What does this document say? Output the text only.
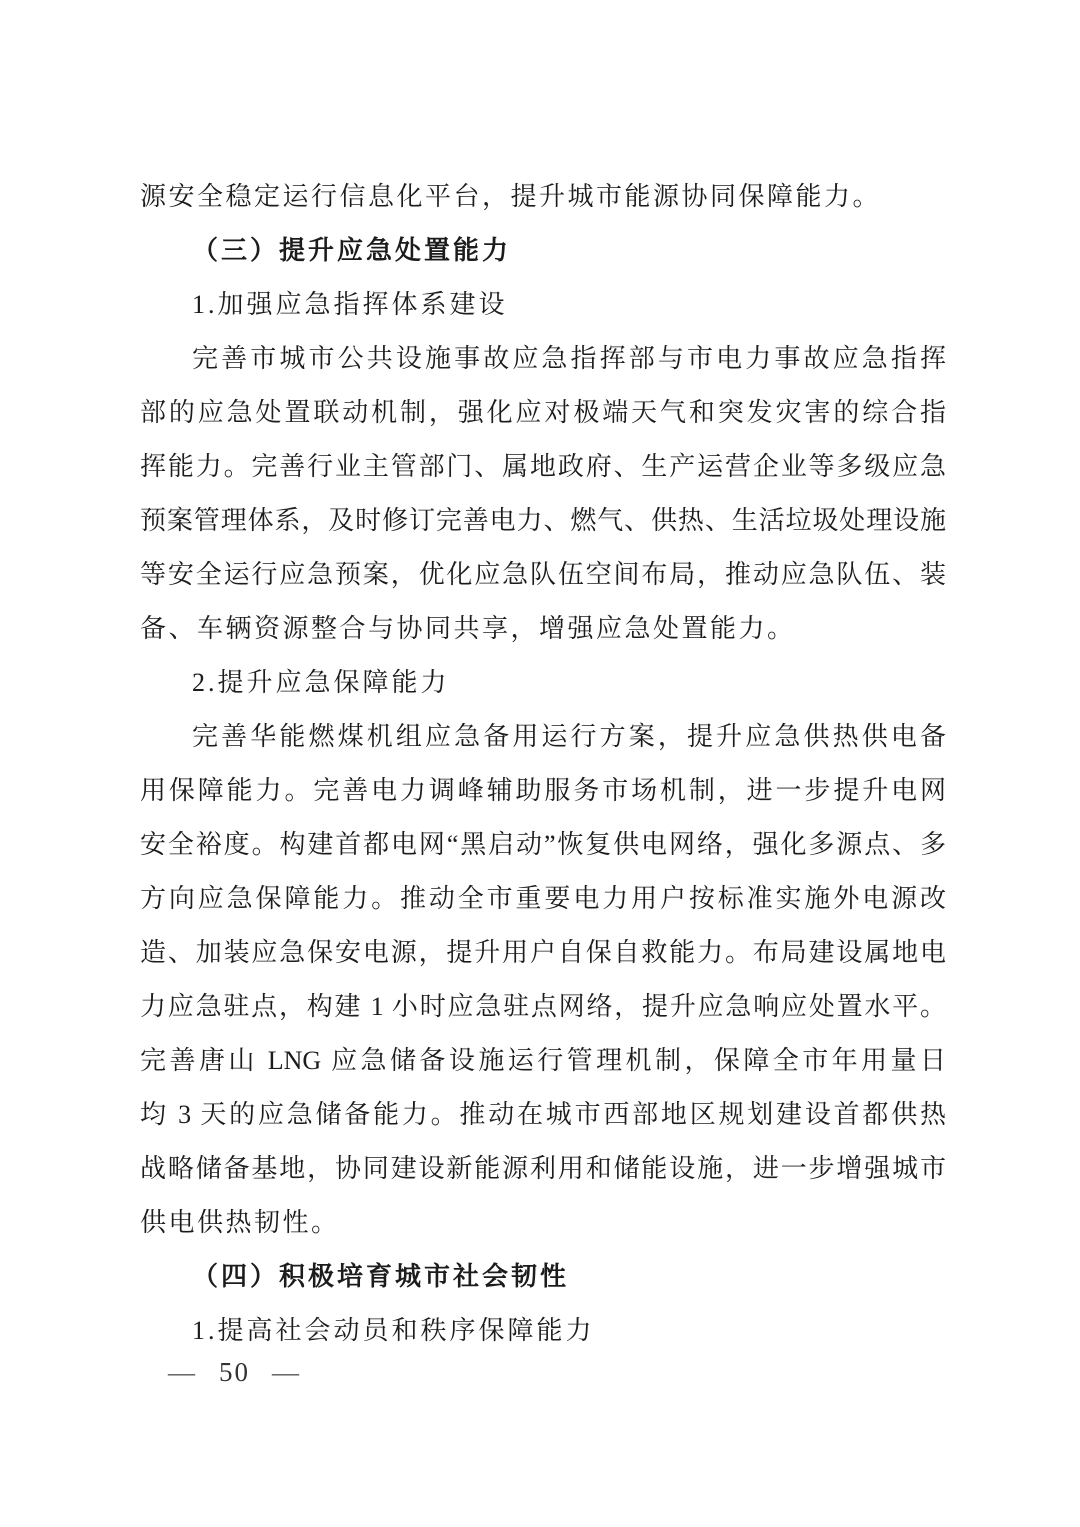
源安全稳定运行信息化平台，提升城市能源协同保障能力。
（三）提升应急处置能力
1.加强应急指挥体系建设
完善市城市公共设施事故应急指挥部与市电力事故应急指挥
部的应急处置联动机制，强化应对极端天气和突发灾害的综合指
挥能力。完善行业主管部门、属地政府、生产运营企业等多级应急
预案管理体系，及时修订完善电力、燃气、供热、生活垃圾处理设施
等安全运行应急预案，优化应急队伍空间布局，推动应急队伍、装
备、车辆资源整合与协同共享，增强应急处置能力。
2.提升应急保障能力
完善华能燃煤机组应急备用运行方案，提升应急供热供电备
用保障能力。完善电力调峰辅助服务市场机制，进一步提升电网
安全裕度。构建首都电网“黑启动”恢复供电网络，强化多源点、多
方向应急保障能力。推动全市重要电力用户按标准实施外电源改
造、加装应急保安电源，提升用户自保自救能力。布局建设属地电
力应急驻点，构建 1 小时应急驻点网络，提升应急响应处置水平。
完善唐山 LNG 应急储备设施运行管理机制，保障全市年用量日
均 3 天的应急储备能力。推动在城市西部地区规划建设首都供热
战略储备基地，协同建设新能源利用和储能设施，进一步增强城市
供电供热韧性。
（四）积极培育城市社会韧性
1.提高社会动员和秩序保障能力
— 50 —
